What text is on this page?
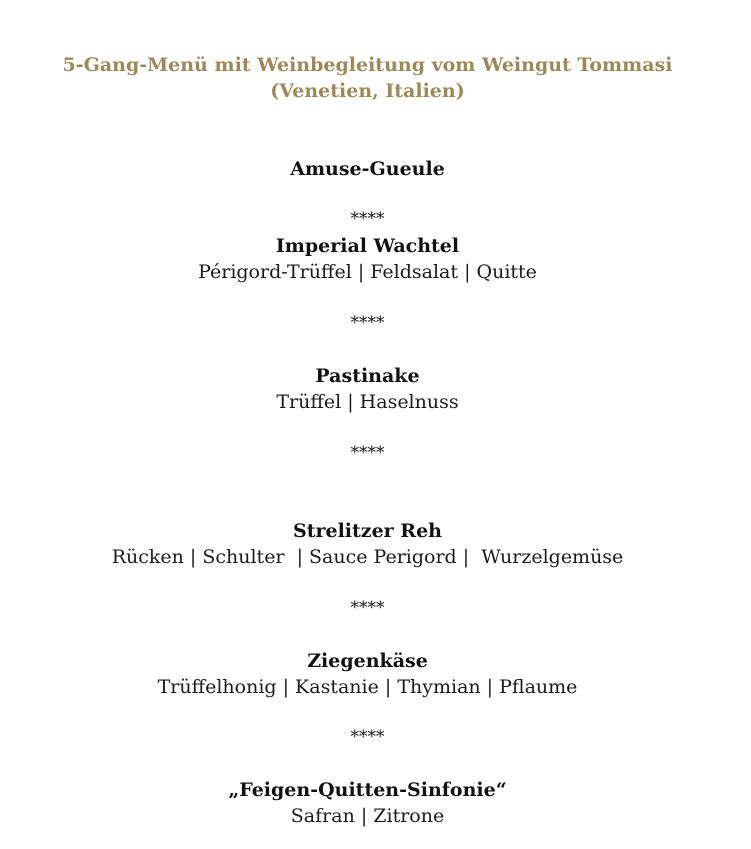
5-Gang-Menü mit Weinbegleitung vom Weingut Tommasi
(Venetien, Italien)
Amuse-Gueule
****
Imperial Wachtel
Périgord-Trüffel | Feldsalat | Quitte
****
Pastinake
Trüffel | Haselnuss
****
Strelitzer Reh
Rücken | Schulter  | Sauce Perigord |  Wurzelgemüse
****
Ziegenkäse
Trüffelhonig | Kastanie | Thymian | Pflaume
****
„Feigen-Quitten-Sinfonie“
Safran | Zitrone
